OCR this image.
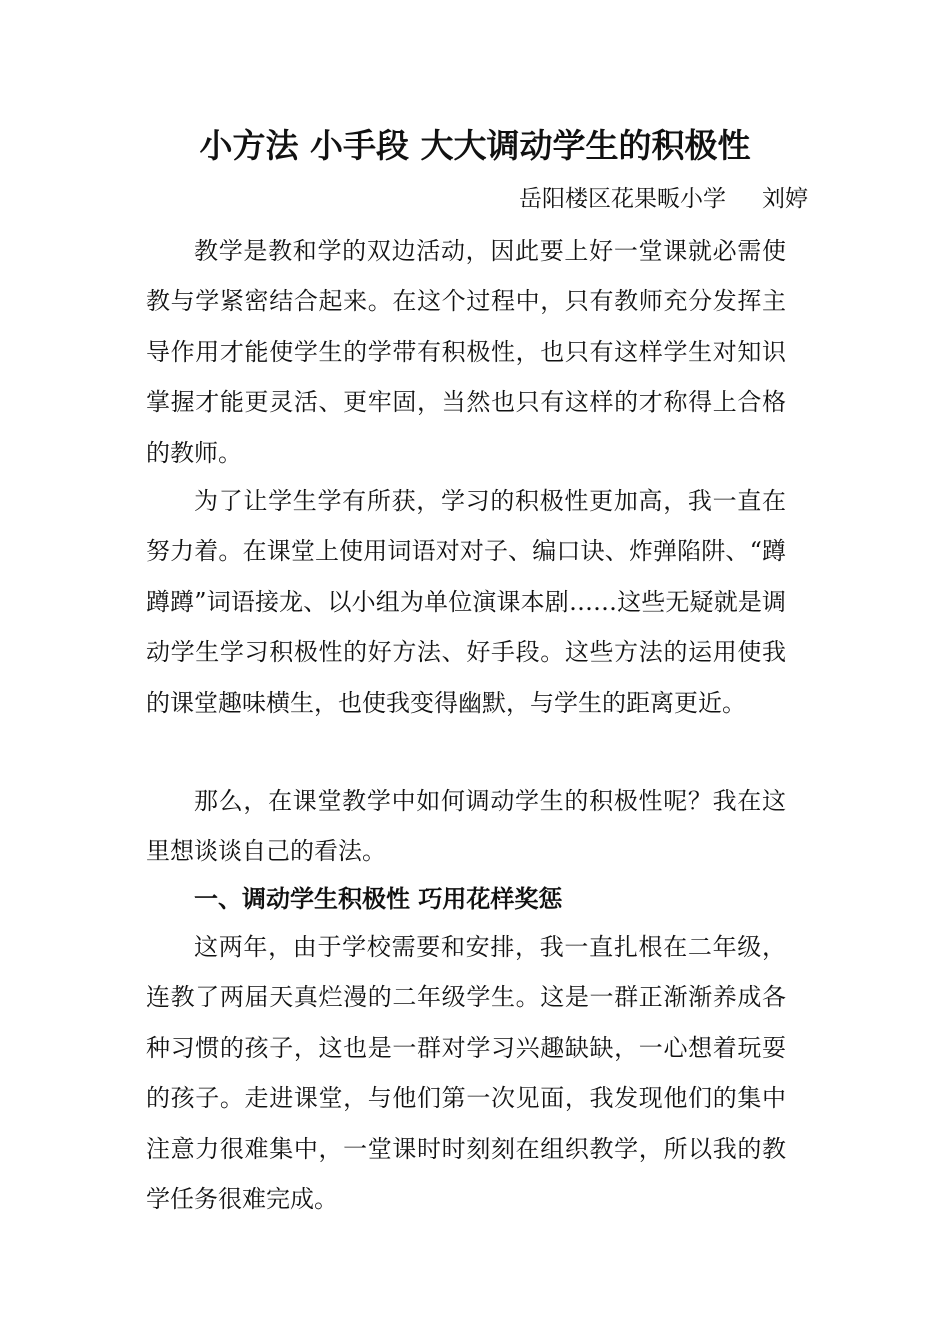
小方法 小手段 大大调动学生的积极性
岳阳楼区花果畈小学 刘婷

教学是教和学的双边活动，因此要上好一堂课就必需使教与学紧密结合起来。在这个过程中，只有教师充分发挥主导作用才能使学生的学带有积极性，也只有这样学生对知识掌握才能更灵活、更牢固，当然也只有这样的才称得上合格的教师。

为了让学生学有所获，学习的积极性更加高，我一直在努力着。在课堂上使用词语对对子、编口诀、炸弹陷阱、“蹲蹲蹲”词语接龙、以小组为单位演课本剧……这些无疑就是调动学生学习积极性的好方法、好手段。这些方法的运用使我的课堂趣味横生，也使我变得幽默，与学生的距离更近。

那么，在课堂教学中如何调动学生的积极性呢？我在这里想谈谈自己的看法。

一、调动学生积极性 巧用花样奖惩

这两年，由于学校需要和安排，我一直扎根在二年级，连教了两届天真烂漫的二年级学生。这是一群正渐渐养成各种习惯的孩子，这也是一群对学习兴趣缺缺，一心想着玩耍的孩子。走进课堂，与他们第一次见面，我发现他们的集中注意力很难集中，一堂课时时刻刻在组织教学，所以我的教学任务很难完成。
